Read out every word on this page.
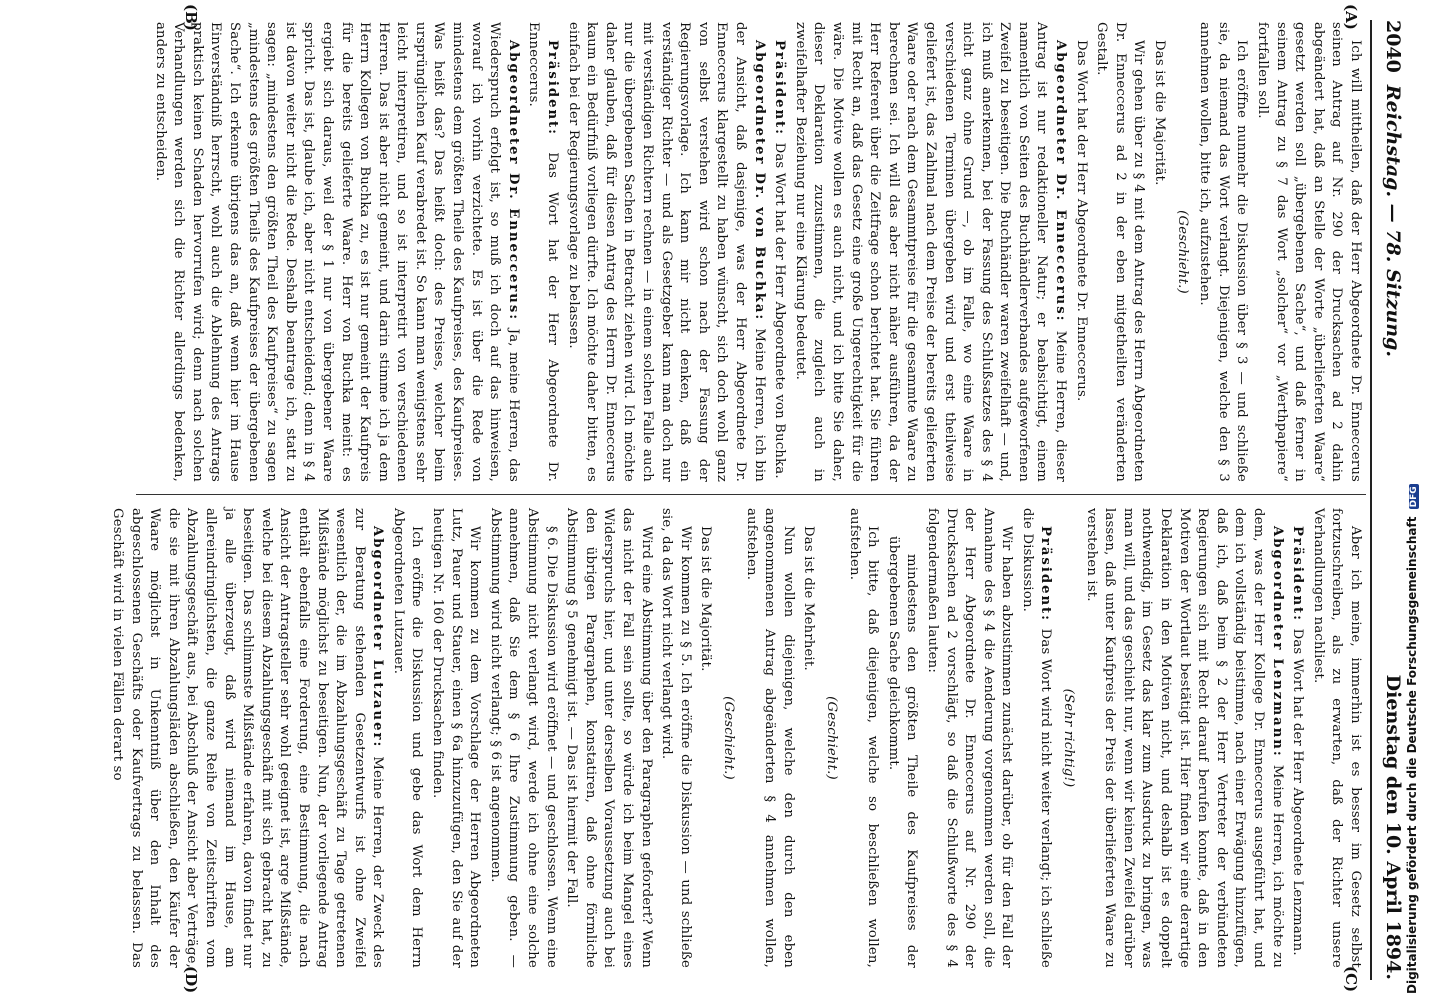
2040
Reichstag. — 78. Sitzung.
Dienstag den 10. April 1894.
(A)
(B)
(C)
(D)

Ich will mittheilen, daß der Herr Abgeordnete Dr. Enneccerus seinen Antrag auf Nr. 290 der Drucksachen ad 2 dahin abgeändert hat, daß an Stelle der Worte „überlieferten Waare“ gesetzt werden soll „übergebenen Sache“, und daß ferner in seinem Antrag zu § 7 das Wort „solcher“ vor „Werthpapiere“ fortfallen soll.

Ich eröffne nunmehr die Diskussion über § 3 — und schließe sie, da niemand das Wort verlangt. Diejenigen, welche den § 3 annehmen wollen, bitte ich, aufzustehen.

(Geschieht.)

Das ist die Majorität.

Wir gehen über zu § 4 mit dem Antrag des Herrn Abgeordneten Dr. Enneccerus ad 2 in der eben mitgetheilten veränderten Gestalt.

Das Wort hat der Herr Abgeordnete Dr. Enneccerus.

Abgeordneter Dr. Enneccerus: Meine Herren, dieser Antrag ist nur redaktioneller Natur; er beabsichtigt, einem namentlich von Seiten des Buchhändlerverbandes aufgeworfenen Zweifel zu beseitigen. Die Buchhändler waren zweifelhaft — und, ich muß anerkennen, bei der Fassung des Schlußsatzes des § 4 nicht ganz ohne Grund —, ob im Falle, wo eine Waare in verschiedenen Terminen übergeben wird und erst theilweise geliefert ist, das Zahlmal nach dem Preise der bereits gelieferten Waare oder nach dem Gesammtpreise für die gesammte Waare zu berechnen sei. Ich will das aber nicht näher ausführen, da der Herr Referent über die Zeitfrage schon berichtet hat. Sie führen mit Recht an, daß das Gesetz eine große Ungerechtigkeit für die wäre. Die Motive wollen es auch nicht, und ich bitte Sie daher, dieser Deklaration zuzustimmen, die zugleich auch in zweifelhafter Beziehung nur eine Klärung bedeutet.

Präsident: Das Wort hat der Herr Abgeordnete von Buchka.

Abgeordneter Dr. von Buchka: Meine Herren, ich bin der Ansicht, daß dasjenige, was der Herr Abgeordnete Dr. Enneccerus klargestellt zu haben wünscht, sich doch wohl ganz von selbst verstehen wird schon nach der Fassung der Regierungsvorlage. Ich kann mir nicht denken, daß ein verständiger Richter — und als Gesetzgeber kann man doch nur mit verständigen Richtern rechnen — in einem solchen Falle auch nur die übergebenen Sachen in Betracht ziehen wird. Ich möchte daher glauben, daß für diesen Antrag des Herrn Dr. Enneccerus kaum ein Bedürfniß vorliegen dürfte. Ich möchte daher bitten, es einfach bei der Regierungsvorlage zu belassen.

Präsident: Das Wort hat der Herr Abgeordnete Dr. Enneccerus.

Abgeordneter Dr. Enneccerus: Ja, meine Herren, das Wiederspruch erfolgt ist, so muß ich doch auf das hinweisen, worauf ich vorhin verzichtete. Es ist über die Rede von mindestens dem größten Theile des Kaufpreises, des Kaufpreises. Was heißt das? Das heißt doch: des Preises, welcher beim ursprünglichen Kauf verabredet ist. So kann man wenigstens sehr leicht interpretiren, und so ist interpretirt von verschiedenen Herren. Das ist aber nicht gemeint, und darin stimme ich ja dem Herrn Kollegen von Buchka zu, es ist nur gemeint der Kaufpreis für die bereits gelieferte Waare. Herr von Buchka meint: es ergiebt sich daraus, weil der § 1 nur von übergebener Waare spricht. Das ist, glaube ich, aber nicht entscheidend; denn in § 4 ist davon weiter nicht die Rede. Deshalb beantrage ich, statt zu sagen: „mindestens den größten Theil des Kaufpreises“ zu sagen „mindestens des größten Theils des Kaufpreises der übergebenen Sache“. Ich erkenne übrigens das an, daß wenn hier im Hause Einverständniß herrscht, wohl auch die Ablehnung des Antrags praktisch keinen Schaden hervorrufen wird; denn nach solchen Verhandlungen werden sich die Richter allerdings bedenken, anders zu entscheiden.

Aber ich meine, immerhin ist es besser im Gesetz selbst fortzuschreiben, als zu erwarten, daß der Richter unsere Verhandlungen nachliest.

Präsident: Das Wort hat der Herr Abgeordnete Lenzmann.

Abgeordneter Lenzmann: Meine Herren, ich möchte zu dem, was der Herr Kollege Dr. Enneccerus ausgeführt hat, und dem ich vollständig beistimme, nach einer Erwägung hinzufügen, daß ich, daß beim § 2 der Herr Vertreter der verbündeten Regierungen sich mit Recht darauf berufen konnte, daß in den Motiven der Wortlaut bestätigt ist. Hier finden wir eine derartige Deklaration in den Motiven nicht, und deshalb ist es doppelt nothwendig, im Gesetz das klar zum Ausdruck zu bringen, was man will, und das geschieht nur, wenn wir keinen Zweifel darüber lassen, daß unter Kaufpreis der Preis der überlieferten Waare zu verstehen ist.

(Sehr richtig!)

Präsident: Das Wort wird nicht weiter verlangt; ich schließe die Diskussion.

Wir haben abzustimmen zunächst darüber, ob für den Fall der Annahme des § 4 die Aenderung vorgenommen werden soll, die der Herr Abgeordnete Dr. Enneccerus auf Nr. 290 der Drucksachen ad 2 vorschlägt, so daß die Schlußworte des § 4 folgendermaßen lauten:

mindestens den größten Theile des Kaufpreises der übergebenen Sache gleichkommt.

Ich bitte, daß diejenigen, welche so beschließen wollen, aufstehen.

(Geschieht.)

Das ist die Mehrheit.

Nun wollen diejenigen, welche den durch den eben angenommenen Antrag abgeänderten § 4 annehmen wollen, aufstehen.

(Geschieht.)

Das ist die Majorität.

Wir kommen zu § 5. Ich eröffne die Diskussion — und schließe sie, da das Wort nicht verlangt wird.

Wird eine Abstimmung über den Paragraphen gefordert? Wenn das nicht der Fall sein sollte, so würde ich beim Mangel eines Widerspruchs hier, und unter derselben Voraussetzung auch bei den übrigen Paragraphen, konstatiren, daß ohne förmliche Abstimmung § 5 genehmigt ist. — Das ist hiermit der Fall.

§ 6. Die Diskussion wird eröffnet — und geschlossen. Wenn eine Abstimmung nicht verlangt wird, werde ich ohne eine solche annehmen, daß Sie dem § 6 Ihre Zustimmung geben. — Abstimmung wird nicht verlangt; § 6 ist angenommen.

Wir kommen zu dem Vorschlage der Herren Abgeordneten Lutz, Pauer und Stauer, einen § 6a hinzuzufügen, den Sie auf der heutigen Nr. 160 der Drucksachen finden.

Ich eröffne die Diskussion und gebe das Wort dem Herrn Abgeordneten Lutzauer.

Abgeordneter Lutzauer: Meine Herren, der Zweck des zur Beratung stehenden Gesetzentwurfs ist ohne Zweifel wesentlich der, die im Abzahlungsgeschäft zu Tage getretenen Mißstände möglichst zu beseitigen. Nun, der vorliegende Antrag enthält ebenfalls eine Forderung, eine Bestimmung, die nach Ansicht der Antragsteller sehr wohl geeignet ist, arge Mißstände, welche bei diesem Abzahlungsgeschäft mit sich gebracht hat, zu beseitigen. Das schlimmste Mißstände erfahren, davon findet nur ja alle überzeugt, daß wird niemand im Hause, am allereindringlichsten, die ganze Reihe von Zeitschriften vom Abzahlungsgeschäft aus, bei Abschluß der Ansicht aber Verträge, die sie mit ihren Abzahlungsläden abschließen, den Käufer der Waare möglichst in Unkenntniß über den Inhalt des abgeschlossenen Geschäfts oder Kaufvertrags zu belassen. Das Geschäft wird in vielen Fällen derart so	Digitalisierung gefördert durch die Deutsche Forschungsgemeinschaft DFG
